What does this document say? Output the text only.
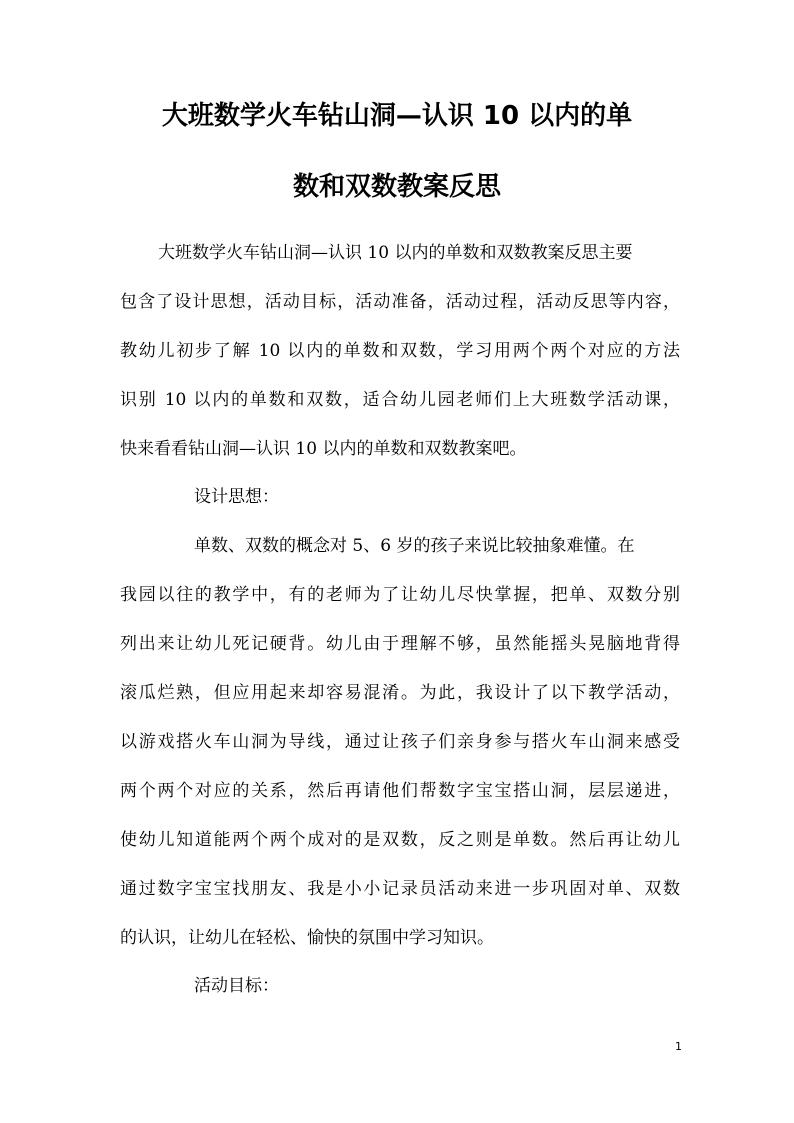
大班数学火车钻山洞—认识 10 以内的单
数和双数教案反思
大班数学火车钻山洞—认识 10 以内的单数和双数教案反思主要
包含了设计思想，活动目标，活动准备，活动过程，活动反思等内容，
教幼儿初步了解 10 以内的单数和双数，学习用两个两个对应的方法
识别 10 以内的单数和双数，适合幼儿园老师们上大班数学活动课，
快来看看钻山洞—认识 10 以内的单数和双数教案吧。
设计思想：
单数、双数的概念对 5、6 岁的孩子来说比较抽象难懂。在
我园以往的教学中，有的老师为了让幼儿尽快掌握，把单、双数分别
列出来让幼儿死记硬背。幼儿由于理解不够，虽然能摇头晃脑地背得
滚瓜烂熟，但应用起来却容易混淆。为此，我设计了以下教学活动，
以游戏搭火车山洞为导线，通过让孩子们亲身参与搭火车山洞来感受
两个两个对应的关系，然后再请他们帮数字宝宝搭山洞，层层递进，
使幼儿知道能两个两个成对的是双数，反之则是单数。然后再让幼儿
通过数字宝宝找朋友、我是小小记录员活动来进一步巩固对单、双数
的认识，让幼儿在轻松、愉快的氛围中学习知识。
活动目标：
1
